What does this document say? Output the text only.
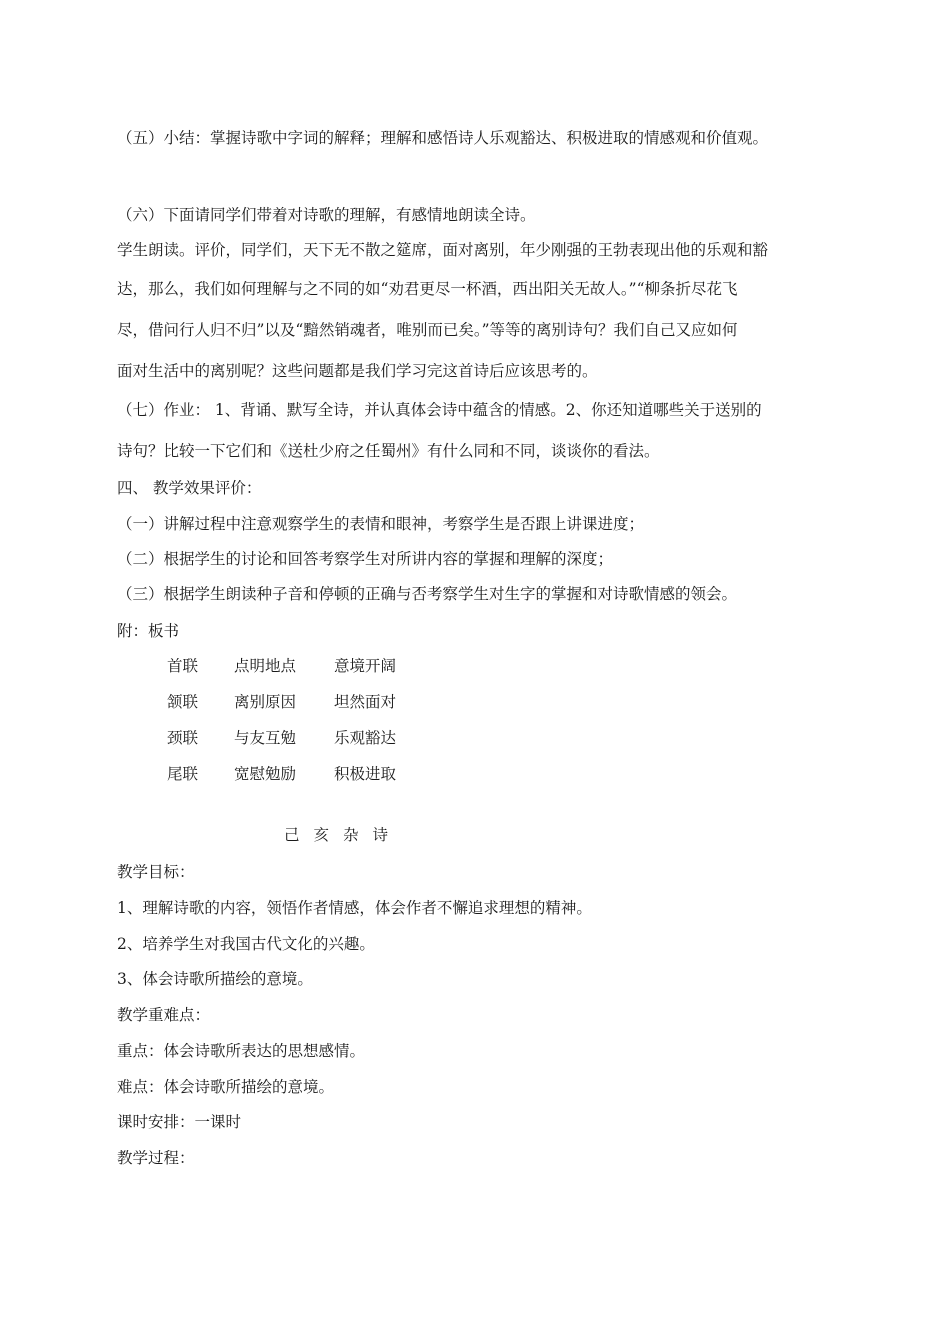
（五）小结：掌握诗歌中字词的解释；理解和感悟诗人乐观豁达、积极进取的情感观和价值观。
（六）下面请同学们带着对诗歌的理解，有感情地朗读全诗。
学生朗读。评价，同学们，天下无不散之筵席，面对离别，年少刚强的王勃表现出他的乐观和豁
达，那么，我们如何理解与之不同的如“劝君更尽一杯酒，西出阳关无故人。”“柳条折尽花飞
尽，借问行人归不归”以及“黯然销魂者，唯别而已矣。”等等的离别诗句？我们自己又应如何
面对生活中的离别呢？这些问题都是我们学习完这首诗后应该思考的。
（七）作业： 1、背诵、默写全诗，并认真体会诗中蕴含的情感。2、你还知道哪些关于送别的
诗句？比较一下它们和《送杜少府之任蜀州》有什么同和不同，谈谈你的看法。
四、 教学效果评价：
（一）讲解过程中注意观察学生的表情和眼神，考察学生是否跟上讲课进度；
（二）根据学生的讨论和回答考察学生对所讲内容的掌握和理解的深度；
（三）根据学生朗读种子音和停顿的正确与否考察学生对生字的掌握和对诗歌情感的领会。
附：板书
首联 点明地点 意境开阔
颔联 离别原因 坦然面对
颈联 与友互勉 乐观豁达
尾联 宽慰勉励 积极进取
己亥杂诗
教学目标：
1、理解诗歌的内容，领悟作者情感，体会作者不懈追求理想的精神。
2、培养学生对我国古代文化的兴趣。
3、体会诗歌所描绘的意境。
教学重难点：
重点：体会诗歌所表达的思想感情。
难点：体会诗歌所描绘的意境。
课时安排：一课时
教学过程：
